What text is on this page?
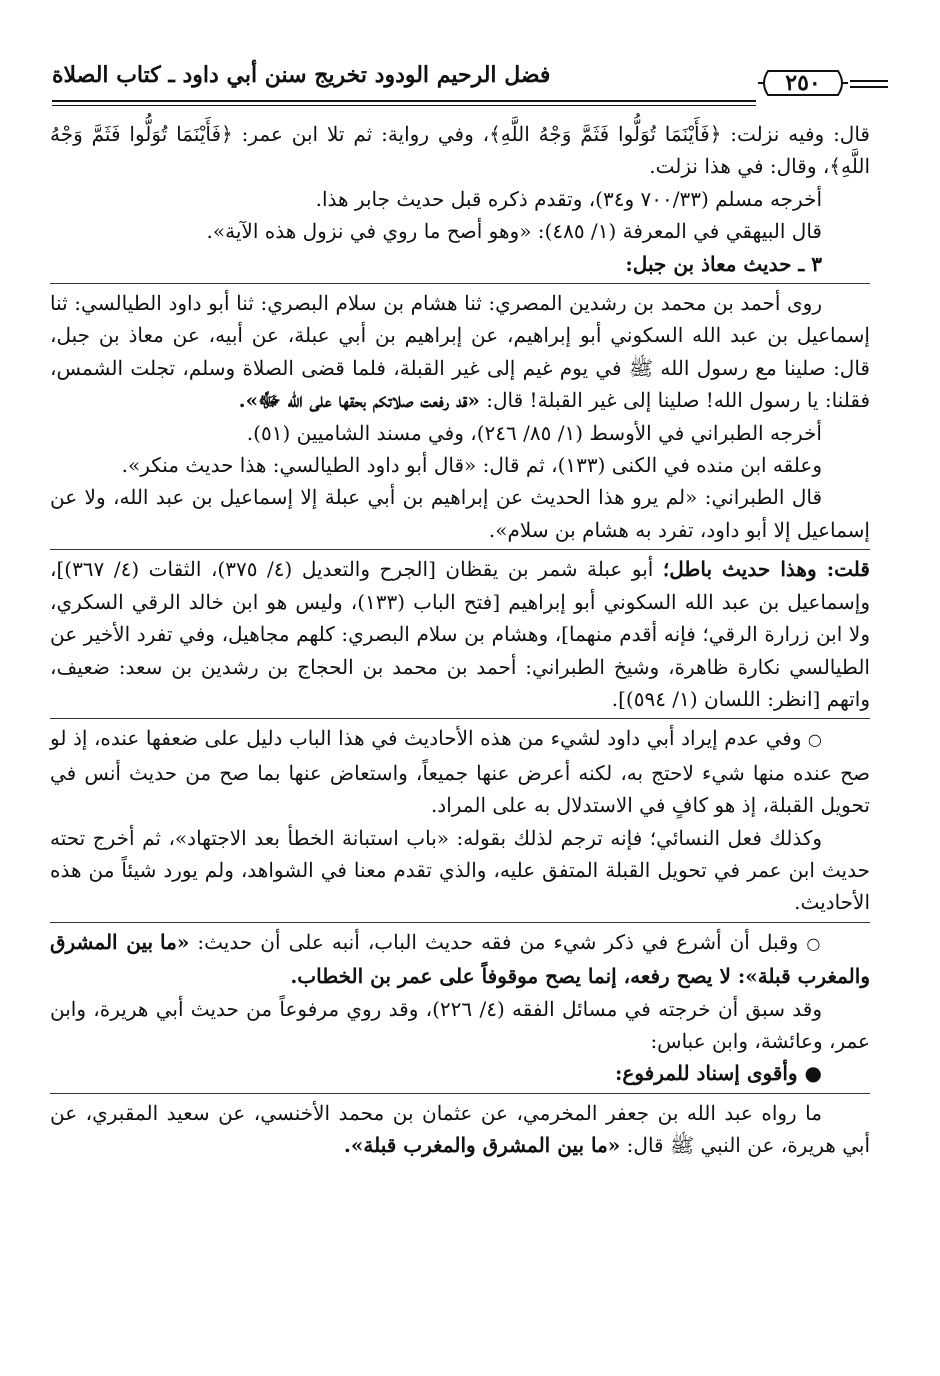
٢٥٠
فضل الرحيم الودود تخريج سنن أبي داود ـ كتاب الصلاة

قال: وفيه نزلت: ﴿فَأَيْنَمَا تُوَلُّوا فَثَمَّ وَجْهُ اللَّهِ﴾، وفي رواية: ثم تلا ابن عمر: ﴿فَأَيْنَمَا تُوَلُّوا فَثَمَّ وَجْهُ اللَّهِ﴾، وقال: في هذا نزلت.

أخرجه مسلم (٧٠٠/٣٣ و٣٤)، وتقدم ذكره قبل حديث جابر هذا.

قال البيهقي في المعرفة (١/ ٤٨٥): «وهو أصح ما روي في نزول هذه الآية».

٣ ـ حديث معاذ بن جبل:

روى أحمد بن محمد بن رشدين المصري: ثنا هشام بن سلام البصري: ثنا أبو داود الطيالسي: ثنا إسماعيل بن عبد الله السكوني أبو إبراهيم، عن إبراهيم بن أبي عبلة، عن أبيه، عن معاذ بن جبل، قال: صلينا مع رسول الله ﷺ في يوم غيم إلى غير القبلة، فلما قضى الصلاة وسلم، تجلت الشمس، فقلنا: يا رسول الله! صلينا إلى غير القبلة! قال: «قد رفعت صلاتكم بحقها على الله ﷻ».

أخرجه الطبراني في الأوسط (١/ ٨٥/ ٢٤٦)، وفي مسند الشاميين (٥١).

وعلقه ابن منده في الكنى (١٣٣)، ثم قال: «قال أبو داود الطيالسي: هذا حديث منكر».

قال الطبراني: «لم يرو هذا الحديث عن إبراهيم بن أبي عبلة إلا إسماعيل بن عبد الله، ولا عن إسماعيل إلا أبو داود، تفرد به هشام بن سلام».

قلت: وهذا حديث باطل؛ أبو عبلة شمر بن يقظان [الجرح والتعديل (٤/ ٣٧٥)، الثقات (٤/ ٣٦٧)]، وإسماعيل بن عبد الله السكوني أبو إبراهيم [فتح الباب (١٣٣)، وليس هو ابن خالد الرقي السكري، ولا ابن زرارة الرقي؛ فإنه أقدم منهما]، وهشام بن سلام البصري: كلهم مجاهيل، وفي تفرد الأخير عن الطيالسي نكارة ظاهرة، وشيخ الطبراني: أحمد بن محمد بن الحجاج بن رشدين بن سعد: ضعيف، واتهم [انظر: اللسان (١/ ٥٩٤)].

○ وفي عدم إيراد أبي داود لشيء من هذه الأحاديث في هذا الباب دليل على ضعفها عنده، إذ لو صح عنده منها شيء لاحتج به، لكنه أعرض عنها جميعاً، واستعاض عنها بما صح من حديث أنس في تحويل القبلة، إذ هو كافٍ في الاستدلال به على المراد.

وكذلك فعل النسائي؛ فإنه ترجم لذلك بقوله: «باب استبانة الخطأ بعد الاجتهاد»، ثم أخرج تحته حديث ابن عمر في تحويل القبلة المتفق عليه، والذي تقدم معنا في الشواهد، ولم يورد شيئاً من هذه الأحاديث.

○ وقبل أن أشرع في ذكر شيء من فقه حديث الباب، أنبه على أن حديث: «ما بين المشرق والمغرب قبلة»: لا يصح رفعه، إنما يصح موقوفاً على عمر بن الخطاب.

وقد سبق أن خرجته في مسائل الفقه (٤/ ٢٢٦)، وقد روي مرفوعاً من حديث أبي هريرة، وابن عمر، وعائشة، وابن عباس:

● وأقوى إسناد للمرفوع:

ما رواه عبد الله بن جعفر المخرمي، عن عثمان بن محمد الأخنسي، عن سعيد المقبري، عن أبي هريرة، عن النبي ﷺ قال: «ما بين المشرق والمغرب قبلة».
